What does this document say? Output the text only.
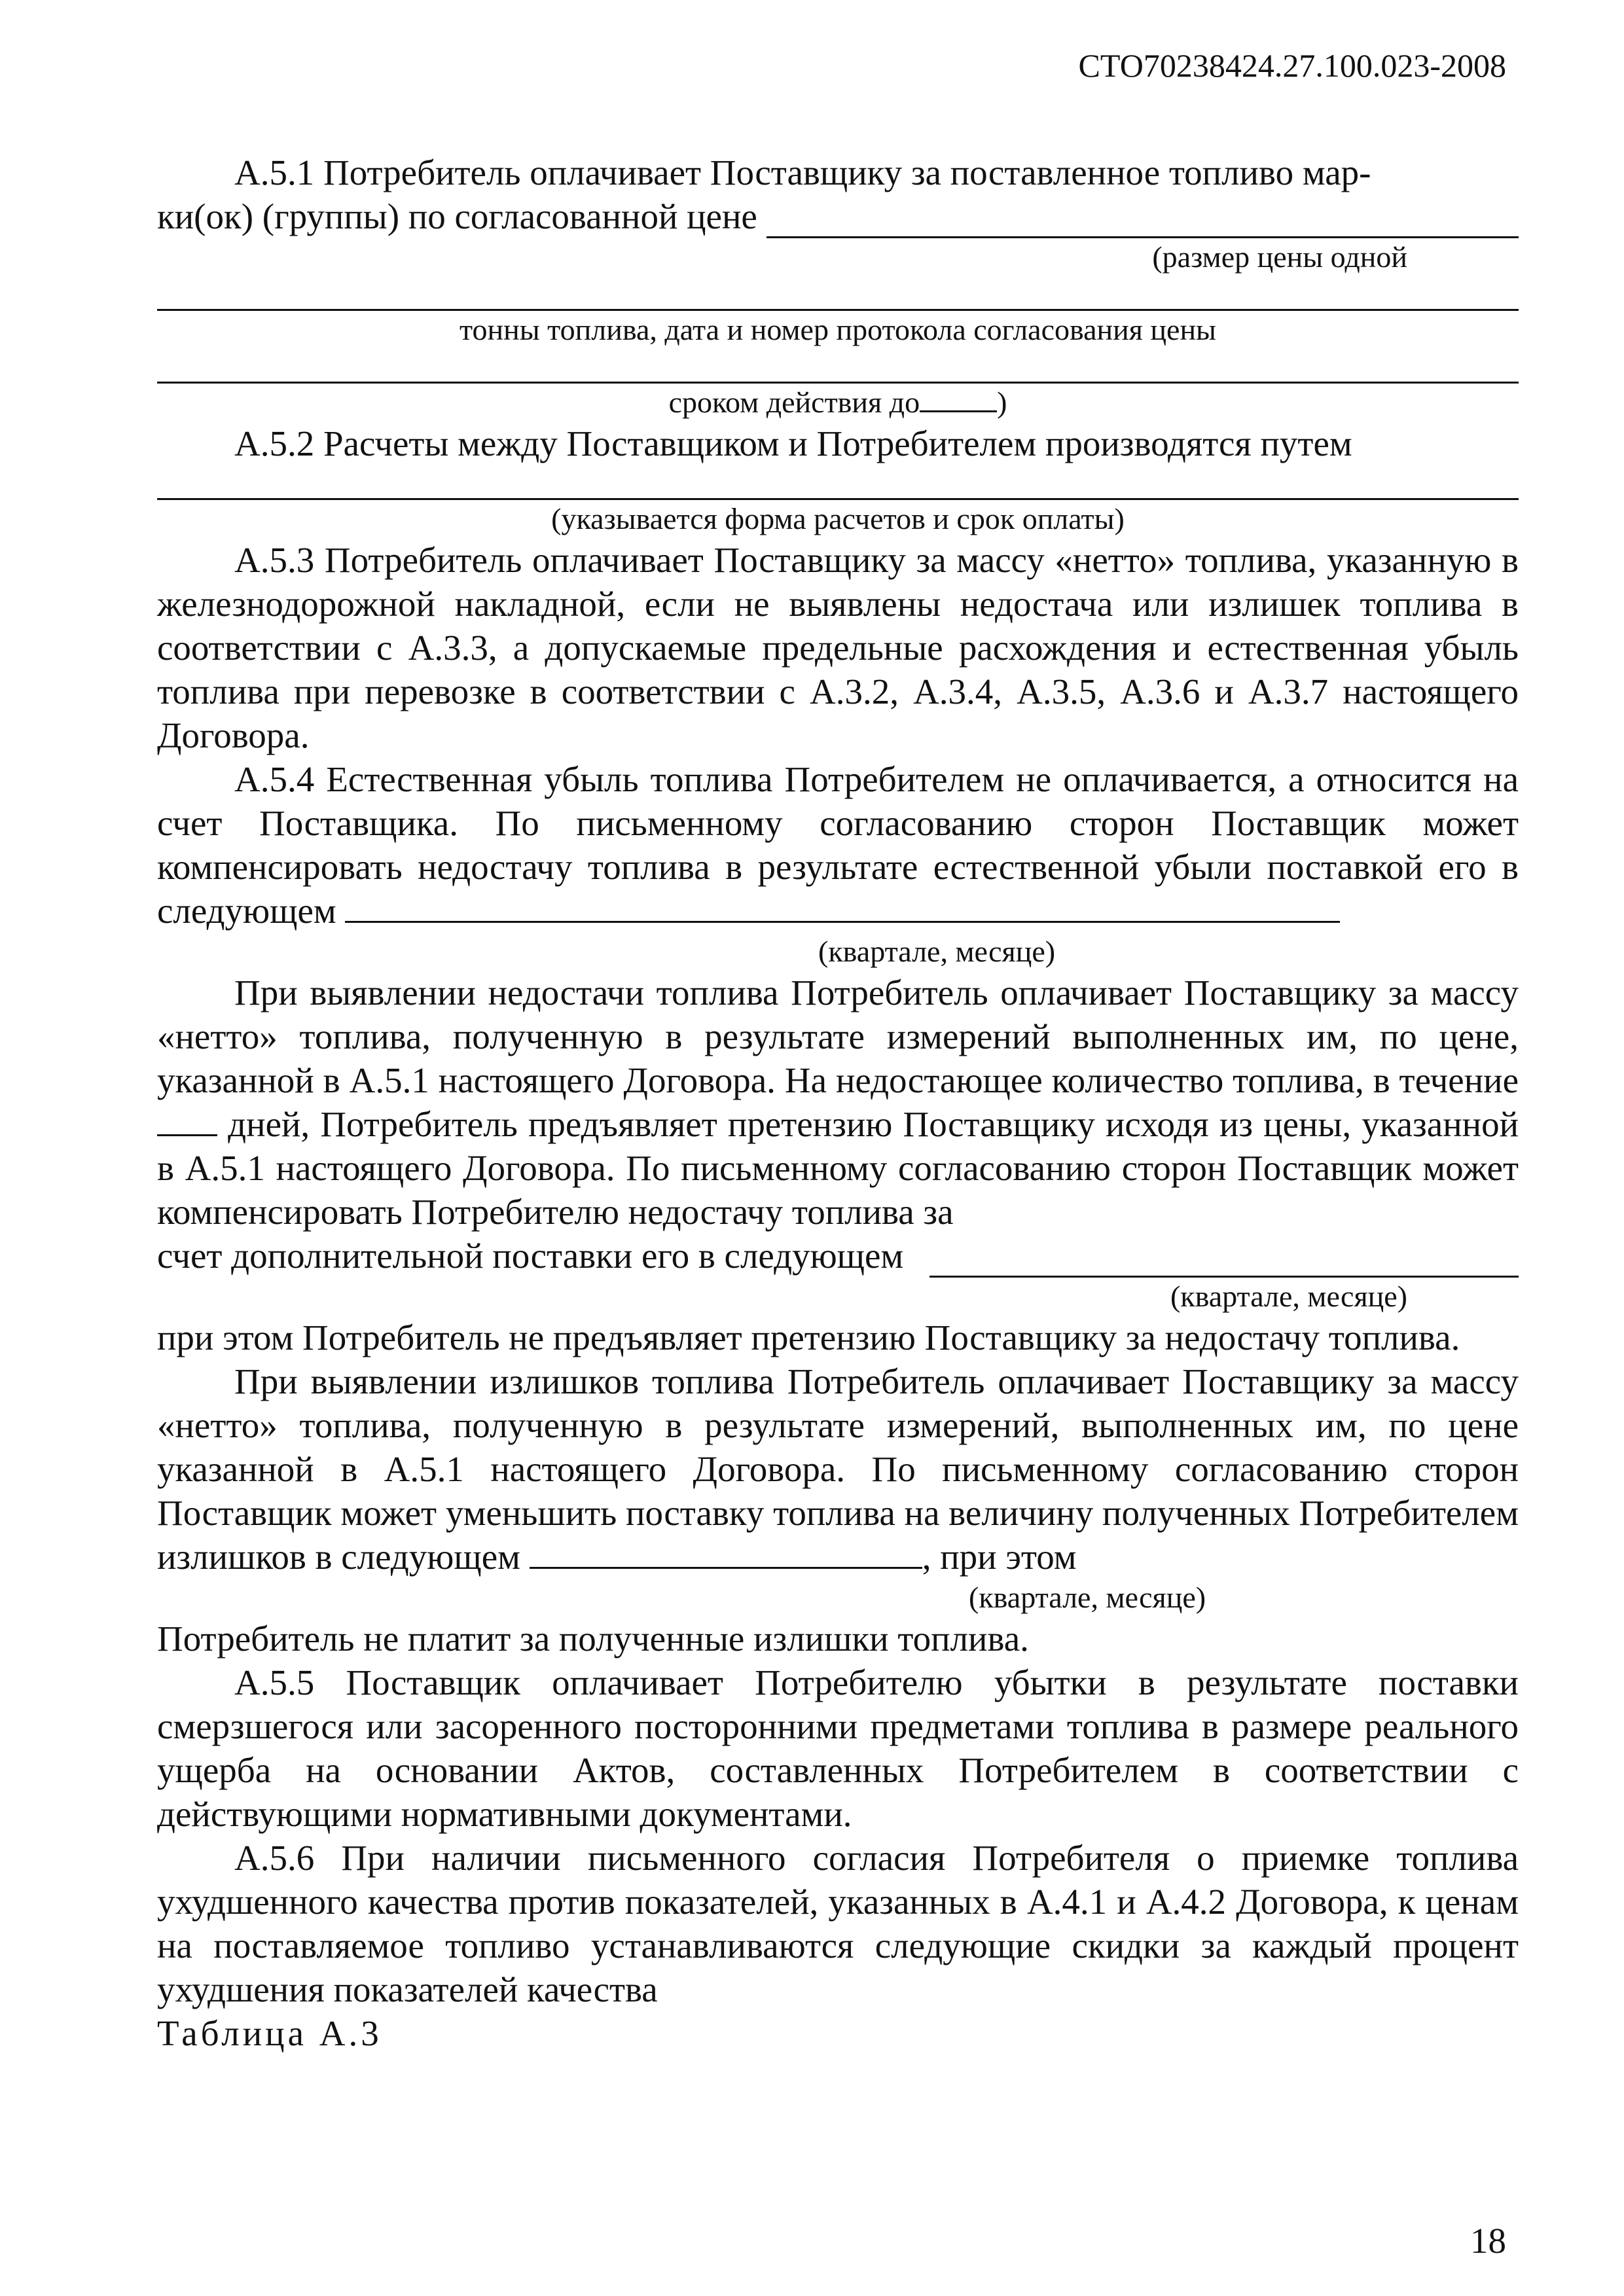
СТО70238424.27.100.023-2008
А.5.1 Потребитель оплачивает Поставщику за поставленное топливо мар-
ки(ок) (группы) по согласованной цене

(размер цены одной

тонны топлива, дата и номер протокола согласования цены

сроком действия до	)

А.5.2 Расчеты между Поставщиком и Потребителем производятся путем

(указывается форма расчетов и срок оплаты)

А.5.3 Потребитель оплачивает Поставщику за массу «нетто» топлива, указанную в железнодорожной накладной, если не выявлены недостача или излишек топлива в соответствии с А.3.3, а допускаемые предельные расхождения и естественная убыль топлива при перевозке в соответствии с А.3.2, А.3.4, А.3.5, А.3.6 и А.3.7 настоящего Договора.

А.5.4 Естественная убыль топлива Потребителем не оплачивается, а относится на счет Поставщика. По письменному согласованию сторон Поставщик может компенсировать недостачу топлива в результате естественной убыли поставкой его в следующем

(квартале, месяце)

При выявлении недостачи топлива Потребитель оплачивает Поставщику за массу «нетто» топлива, полученную в результате измерений выполненных им, по цене, указанной в А.5.1 настоящего Договора. На недостающее количество топлива, в течение  дней, Потребитель предъявляет претензию Поставщику исходя из цены, указанной в А.5.1 настоящего Договора. По письменному согласованию сторон Поставщик может компенсировать Потребителю недостачу топлива за

счет дополнительной поставки его в следующем

(квартале, месяце)

при этом Потребитель не предъявляет претензию Поставщику за недостачу топлива.

При выявлении излишков топлива Потребитель оплачивает Поставщику за массу «нетто» топлива, полученную в результате измерений, выполненных им, по цене указанной в А.5.1 настоящего Договора. По письменному согласованию сторон Поставщик может уменьшить поставку топлива на величину полученных Потребителем излишков в следующем	, при этом

(квартале, месяце)

Потребитель не платит за полученные излишки топлива.

А.5.5 Поставщик оплачивает Потребителю убытки в результате поставки смерзшегося или засоренного посторонними предметами топлива в размере реального ущерба на основании Актов, составленных Потребителем в соответствии с действующими нормативными документами.

А.5.6 При наличии письменного согласия Потребителя о приемке топлива ухудшенного качества против показателей, указанных в А.4.1 и А.4.2 Договора, к ценам на поставляемое топливо устанавливаются следующие скидки за каждый процент ухудшения показателей качества

Таблица А.3

18
